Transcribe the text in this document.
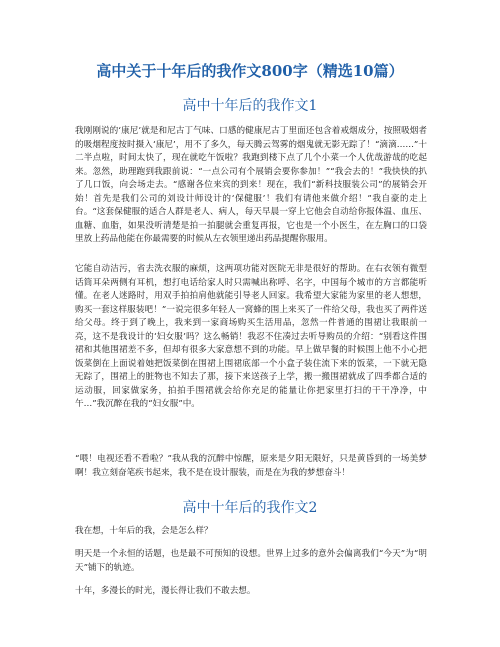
高中关于十年后的我作文800字（精选10篇）
高中十年后的我作文1

我刚刚说的‘康尼’就是和尼古丁气味、口感的健康尼古丁里面还包含着戒烟成分，按照吸烟者的吸烟程度按时摄入‘康尼’，用不了多久，每天腾云驾雾的烟鬼就无影无踪了！“滴滴……”十二半点啦，时间太快了，现在就吃午饭啦？我跑到楼下点了几个小菜一个人优哉游哉的吃起来。忽然，助理跑到我跟前说：“一点公司有个展销会要你参加！”“我会去的！”我快快的扒了几口饭，向会场走去。“感谢各位来宾的到来！现在，我们“新科技服装公司”的展销会开始！首先是我们公司的刘设计师设计的‘保健服’！我们有请他来做介绍！”我自豪的走上台。“这套保健服的适合人群是老人、病人，每天早晨一穿上它他会自动给你报体温、血压、血糖、血脂，如果没听清楚是拍一拍腿就会重复再报，它也是一个小医生，在左胸口的口袋里放上药品他能在你最需要的时候从左衣领里递出药品提醒你服用。

它能自动洁污，省去洗衣服的麻烦，这两项功能对医院无非是很好的帮助。在右衣领有微型话筒耳朵两侧有耳机，想打电话给家人时只需喊出称呼、名字，中国每个城市的方言都能听懂。在老人迷路时，用双手拍拍肩他就能引导老人回家。我希望大家能为家里的老人想想，购买一套这样服装吧！”一说完很多年轻人一窝蜂的围上来买了一件给父母，我也买了两件送给父母。终于到了晚上，我来到一家商场购买生活用品，忽然一件普通的围裙让我眼前一亮，这不是我设计的‘妇女服’吗？这么畅销！我忍不住凑过去听导购员的介绍：“别看这件围裙和其他围裙差不多，但却有很多大家意想不到的功能。早上做早餐的时候围上他不小心把饭菜倒在上面说着她把饭菜倒在围裙上围裙底部一个小盒子装住流下来的饭菜，一下就无隐无踪了，围裙上的脏物也不知去了那，接下来送孩子上学，搬一搬围裙就成了四季都合适的运动服，回家做家务，拍拍手围裙就会给你充足的能量让你把家里打扫的干干净净，中午…”我沉醉在我的“妇女服”中。

“喂！电视还看不看啦？”我从我的沉醉中惊醒，原来是夕阳无限好，只是黄昏到的一场美梦啊！我立刻奋笔疾书起来，我不是在设计服装，而是在为我的梦想奋斗！

高中十年后的我作文2

我在想，十年后的我，会是怎么样？

明天是一个永恒的话题，也是最不可预知的设想。世界上过多的意外会偏离我们“今天”为“明天”铺下的轨迹。

十年，多漫长的时光，漫长得让我们不敢去想。
